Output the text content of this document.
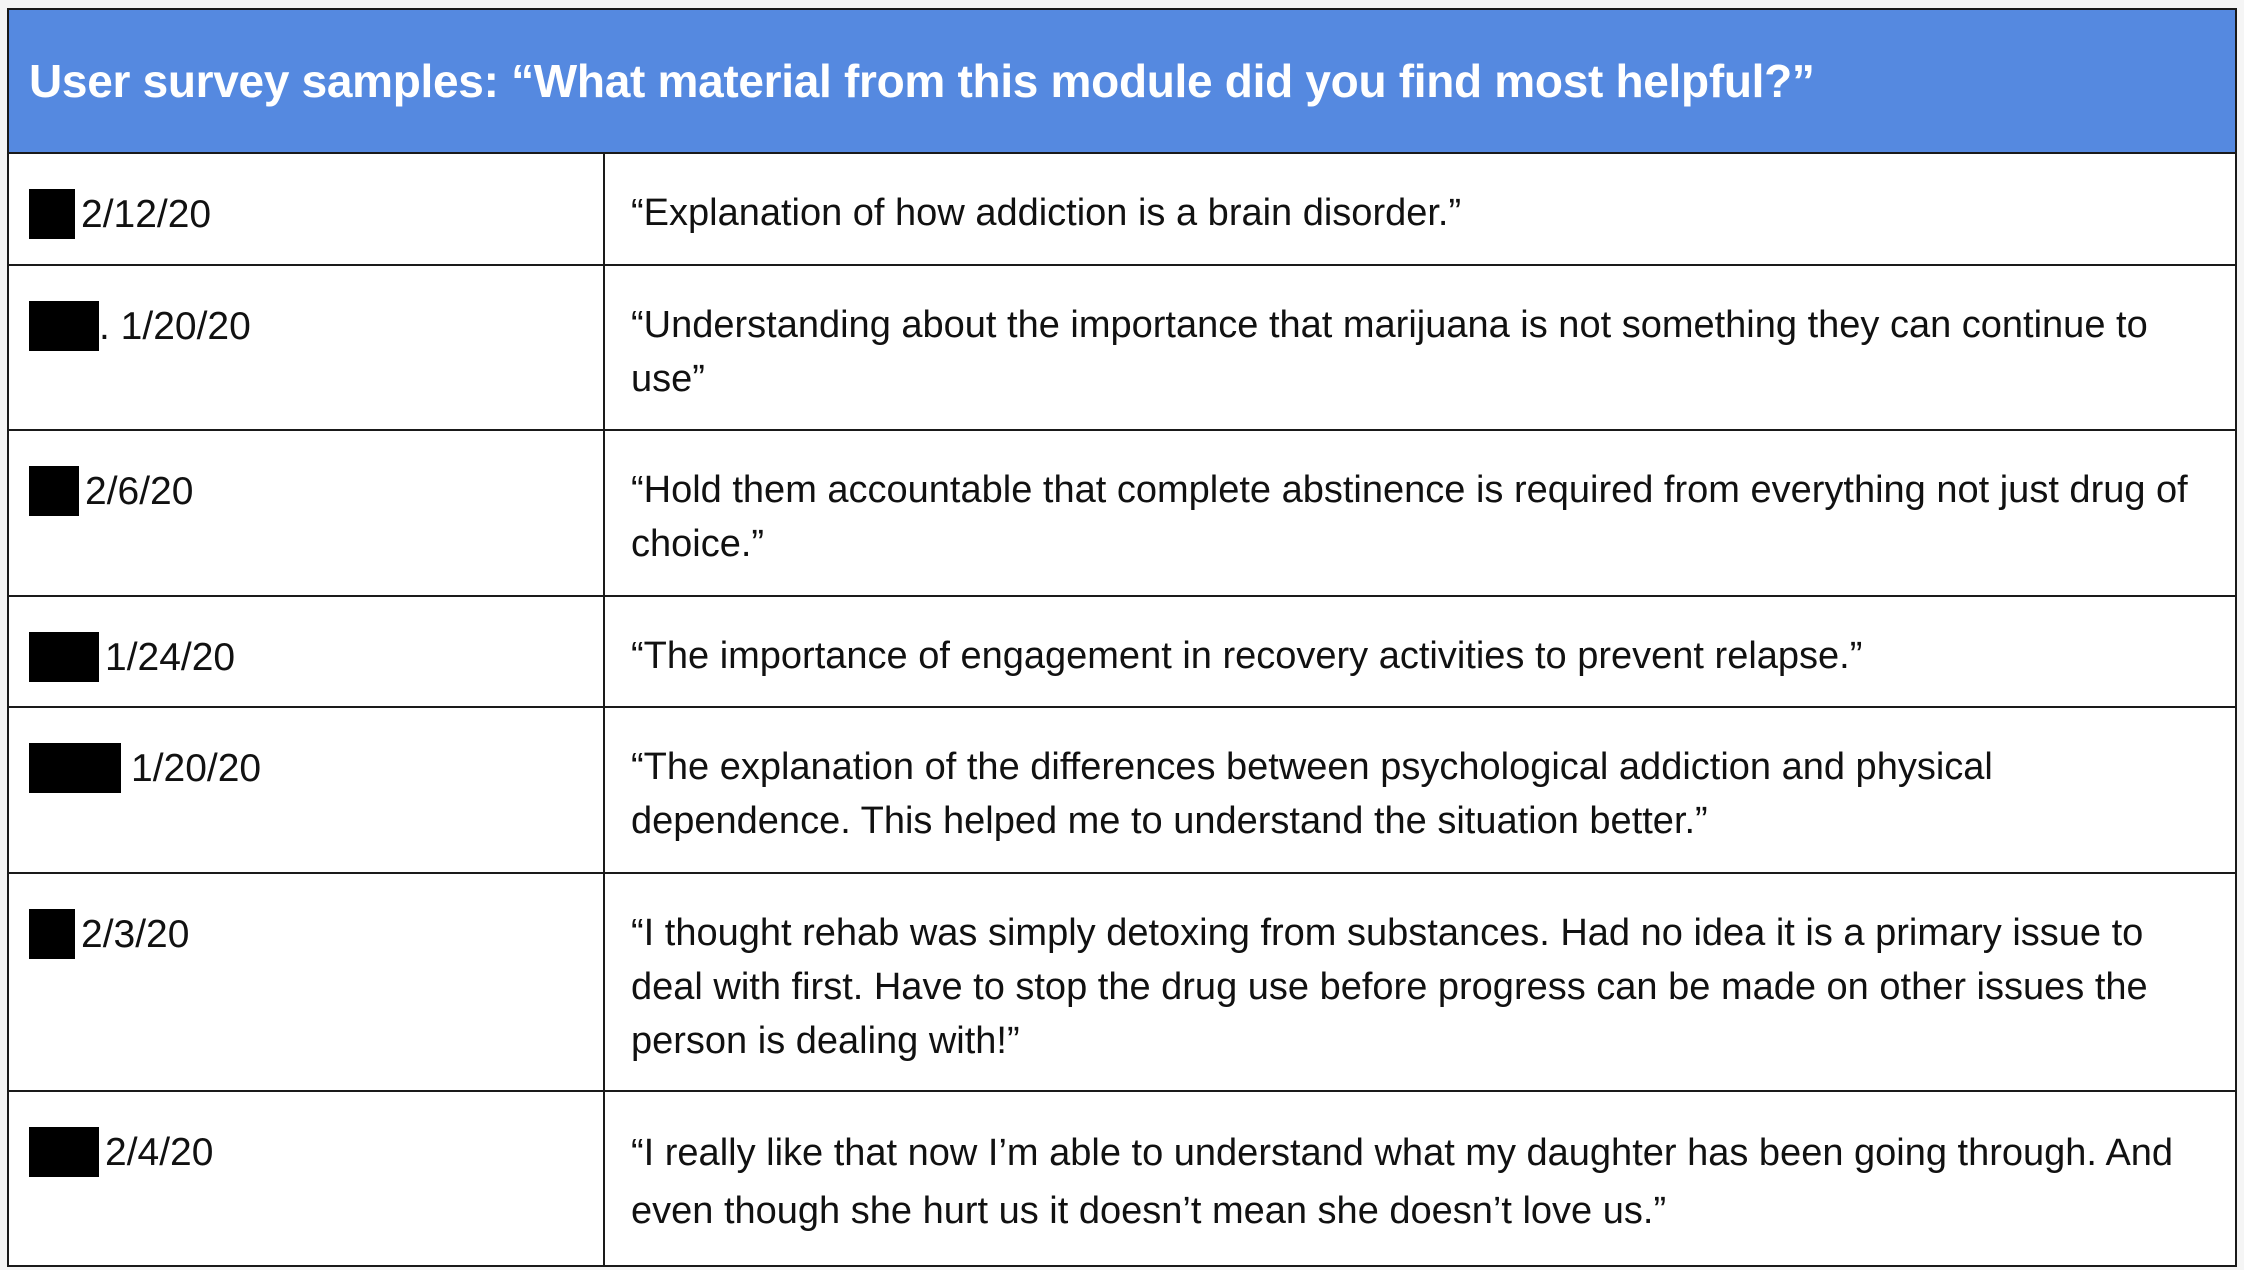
User survey samples: “What material from this module did you find most helpful?”	
2/12/20	“Explanation of how addiction is a brain disorder.”
. 1/20/20	“Understanding about the importance that marijuana is not something they can continue to use”
2/6/20	“Hold them accountable that complete abstinence is required from everything not just drug of choice.”
1/24/20	“The importance of engagement in recovery activities to prevent relapse.”
1/20/20	“The explanation of the differences between psychological addiction and physical dependence. This helped me to understand the situation better.”
2/3/20	“I thought rehab was simply detoxing from substances. Had no idea it is a primary issue to deal with first. Have to stop the drug use before progress can be made on other issues the person is dealing with!”
2/4/20	“I really like that now I’m able to understand what my daughter has been going through. And even though she hurt us it doesn’t mean she doesn’t love us.”
